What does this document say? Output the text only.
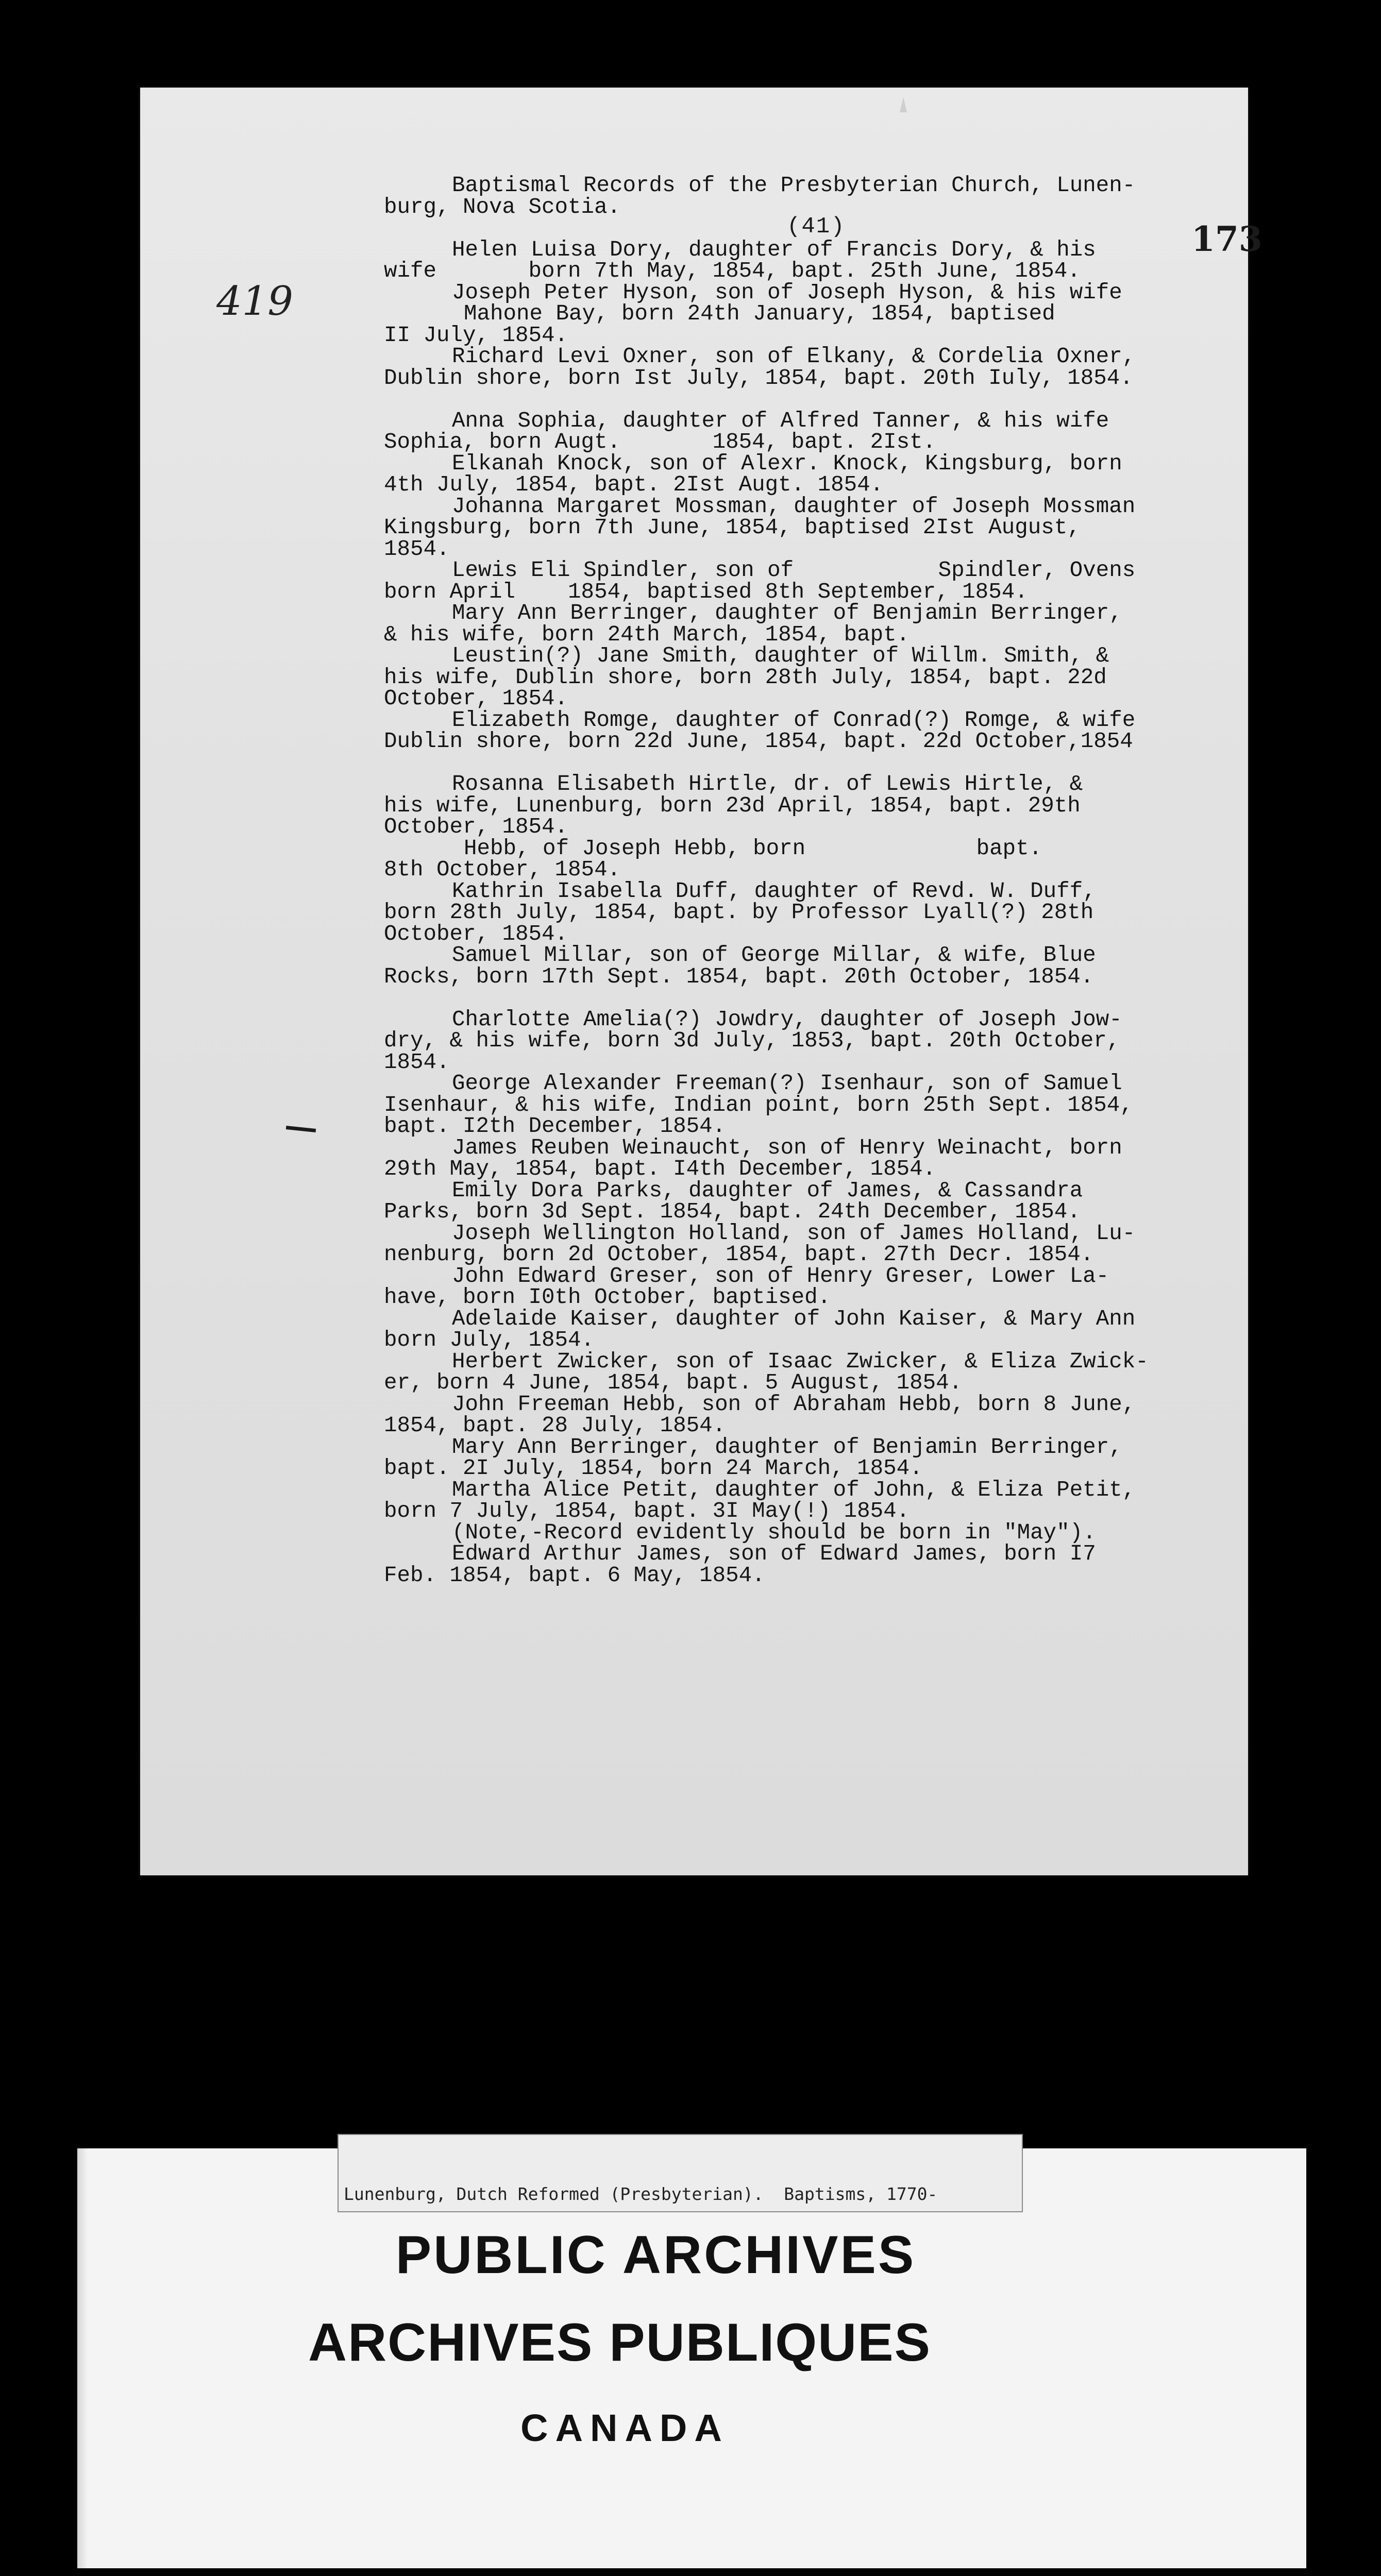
(41)	173
419
Baptismal Records of the Presbyterian Church, Lunen-
burg, Nova Scotia.
Helen Luisa Dory, daughter of Francis Dory, & his
wife       born 7th May, 1854, bapt. 25th June, 1854.
Joseph Peter Hyson, son of Joseph Hyson, & his wife
Mahone Bay, born 24th January, 1854, baptised
II July, 1854.
Richard Levi Oxner, son of Elkany, & Cordelia Oxner,
Dublin shore, born Ist July, 1854, bapt. 20th Iuly, 1854.
Anna Sophia, daughter of Alfred Tanner, & his wife
Sophia, born Augt.       1854, bapt. 2Ist.
Elkanah Knock, son of Alexr. Knock, Kingsburg, born
4th July, 1854, bapt. 2Ist Augt. 1854.
Johanna Margaret Mossman, daughter of Joseph Mossman
Kingsburg, born 7th June, 1854, baptised 2Ist August,
1854.
Lewis Eli Spindler, son of           Spindler, Ovens
born April    1854, baptised 8th September, 1854.
Mary Ann Berringer, daughter of Benjamin Berringer,
& his wife, born 24th March, 1854, bapt.
Leustin(?) Jane Smith, daughter of Willm. Smith, &
his wife, Dublin shore, born 28th July, 1854, bapt. 22d
October, 1854.
Elizabeth Romge, daughter of Conrad(?) Romge, & wife
Dublin shore, born 22d June, 1854, bapt. 22d October,1854
Rosanna Elisabeth Hirtle, dr. of Lewis Hirtle, &
his wife, Lunenburg, born 23d April, 1854, bapt. 29th
October, 1854.
Hebb, of Joseph Hebb, born             bapt.
8th October, 1854.
Kathrin Isabella Duff, daughter of Revd. W. Duff,
born 28th July, 1854, bapt. by Professor Lyall(?) 28th
October, 1854.
Samuel Millar, son of George Millar, & wife, Blue
Rocks, born 17th Sept. 1854, bapt. 20th October, 1854.
Charlotte Amelia(?) Jowdry, daughter of Joseph Jow-
dry, & his wife, born 3d July, 1853, bapt. 20th October,
1854.
George Alexander Freeman(?) Isenhaur, son of Samuel
Isenhaur, & his wife, Indian point, born 25th Sept. 1854,
bapt. I2th December, 1854.
James Reuben Weinaucht, son of Henry Weinacht, born
29th May, 1854, bapt. I4th December, 1854.
Emily Dora Parks, daughter of James, & Cassandra
Parks, born 3d Sept. 1854, bapt. 24th December, 1854.
Joseph Wellington Holland, son of James Holland, Lu-
nenburg, born 2d October, 1854, bapt. 27th Decr. 1854.
John Edward Greser, son of Henry Greser, Lower La-
have, born I0th October, baptised.
Adelaide Kaiser, daughter of John Kaiser, & Mary Ann
born July, 1854.
Herbert Zwicker, son of Isaac Zwicker, & Eliza Zwick-
er, born 4 June, 1854, bapt. 5 August, 1854.
John Freeman Hebb, son of Abraham Hebb, born 8 June,
1854, bapt. 28 July, 1854.
Mary Ann Berringer, daughter of Benjamin Berringer,
bapt. 2I July, 1854, born 24 March, 1854.
Martha Alice Petit, daughter of John, & Eliza Petit,
born 7 July, 1854, bapt. 3I May(!) 1854.
(Note,-Record evidently should be born in "May").
Edward Arthur James, son of Edward James, born I7
Feb. 1854, bapt. 6 May, 1854.

Lunenburg, Dutch Reformed (Presbyterian).  Baptisms, 1770-

PUBLIC ARCHIVES
ARCHIVES PUBLIQUES
CANADA
